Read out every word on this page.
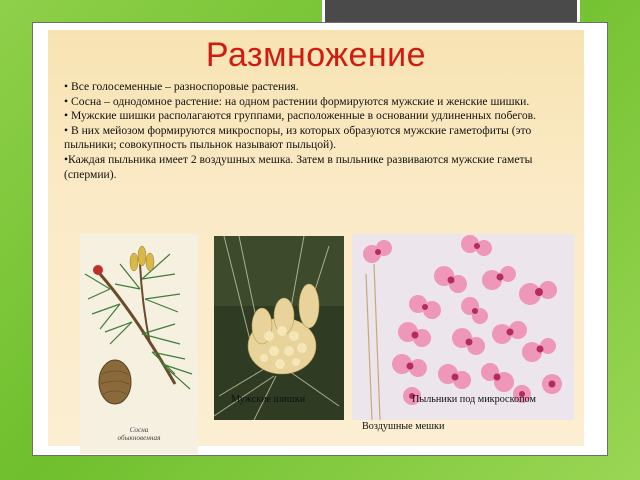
Размножение
• Все голосеменные – разноспоровые растения.
• Сосна – однодомное растение: на одном растении формируются мужские и женские шишки.
• Мужские шишки располагаются группами, расположенные в основании удлиненных побегов.
• В них мейозом формируются микроспоры, из которых образуются мужские гаметофиты (это пыльники; совокупность пыльнок называют пыльцой).
•Каждая пыльника имеет 2 воздушных мешка. Затем в пыльнике развиваются мужские гаметы (спермии).
Сосна
обыкновенная
Мужские шишки	Пыльники под микроскопом
Воздушные мешки
